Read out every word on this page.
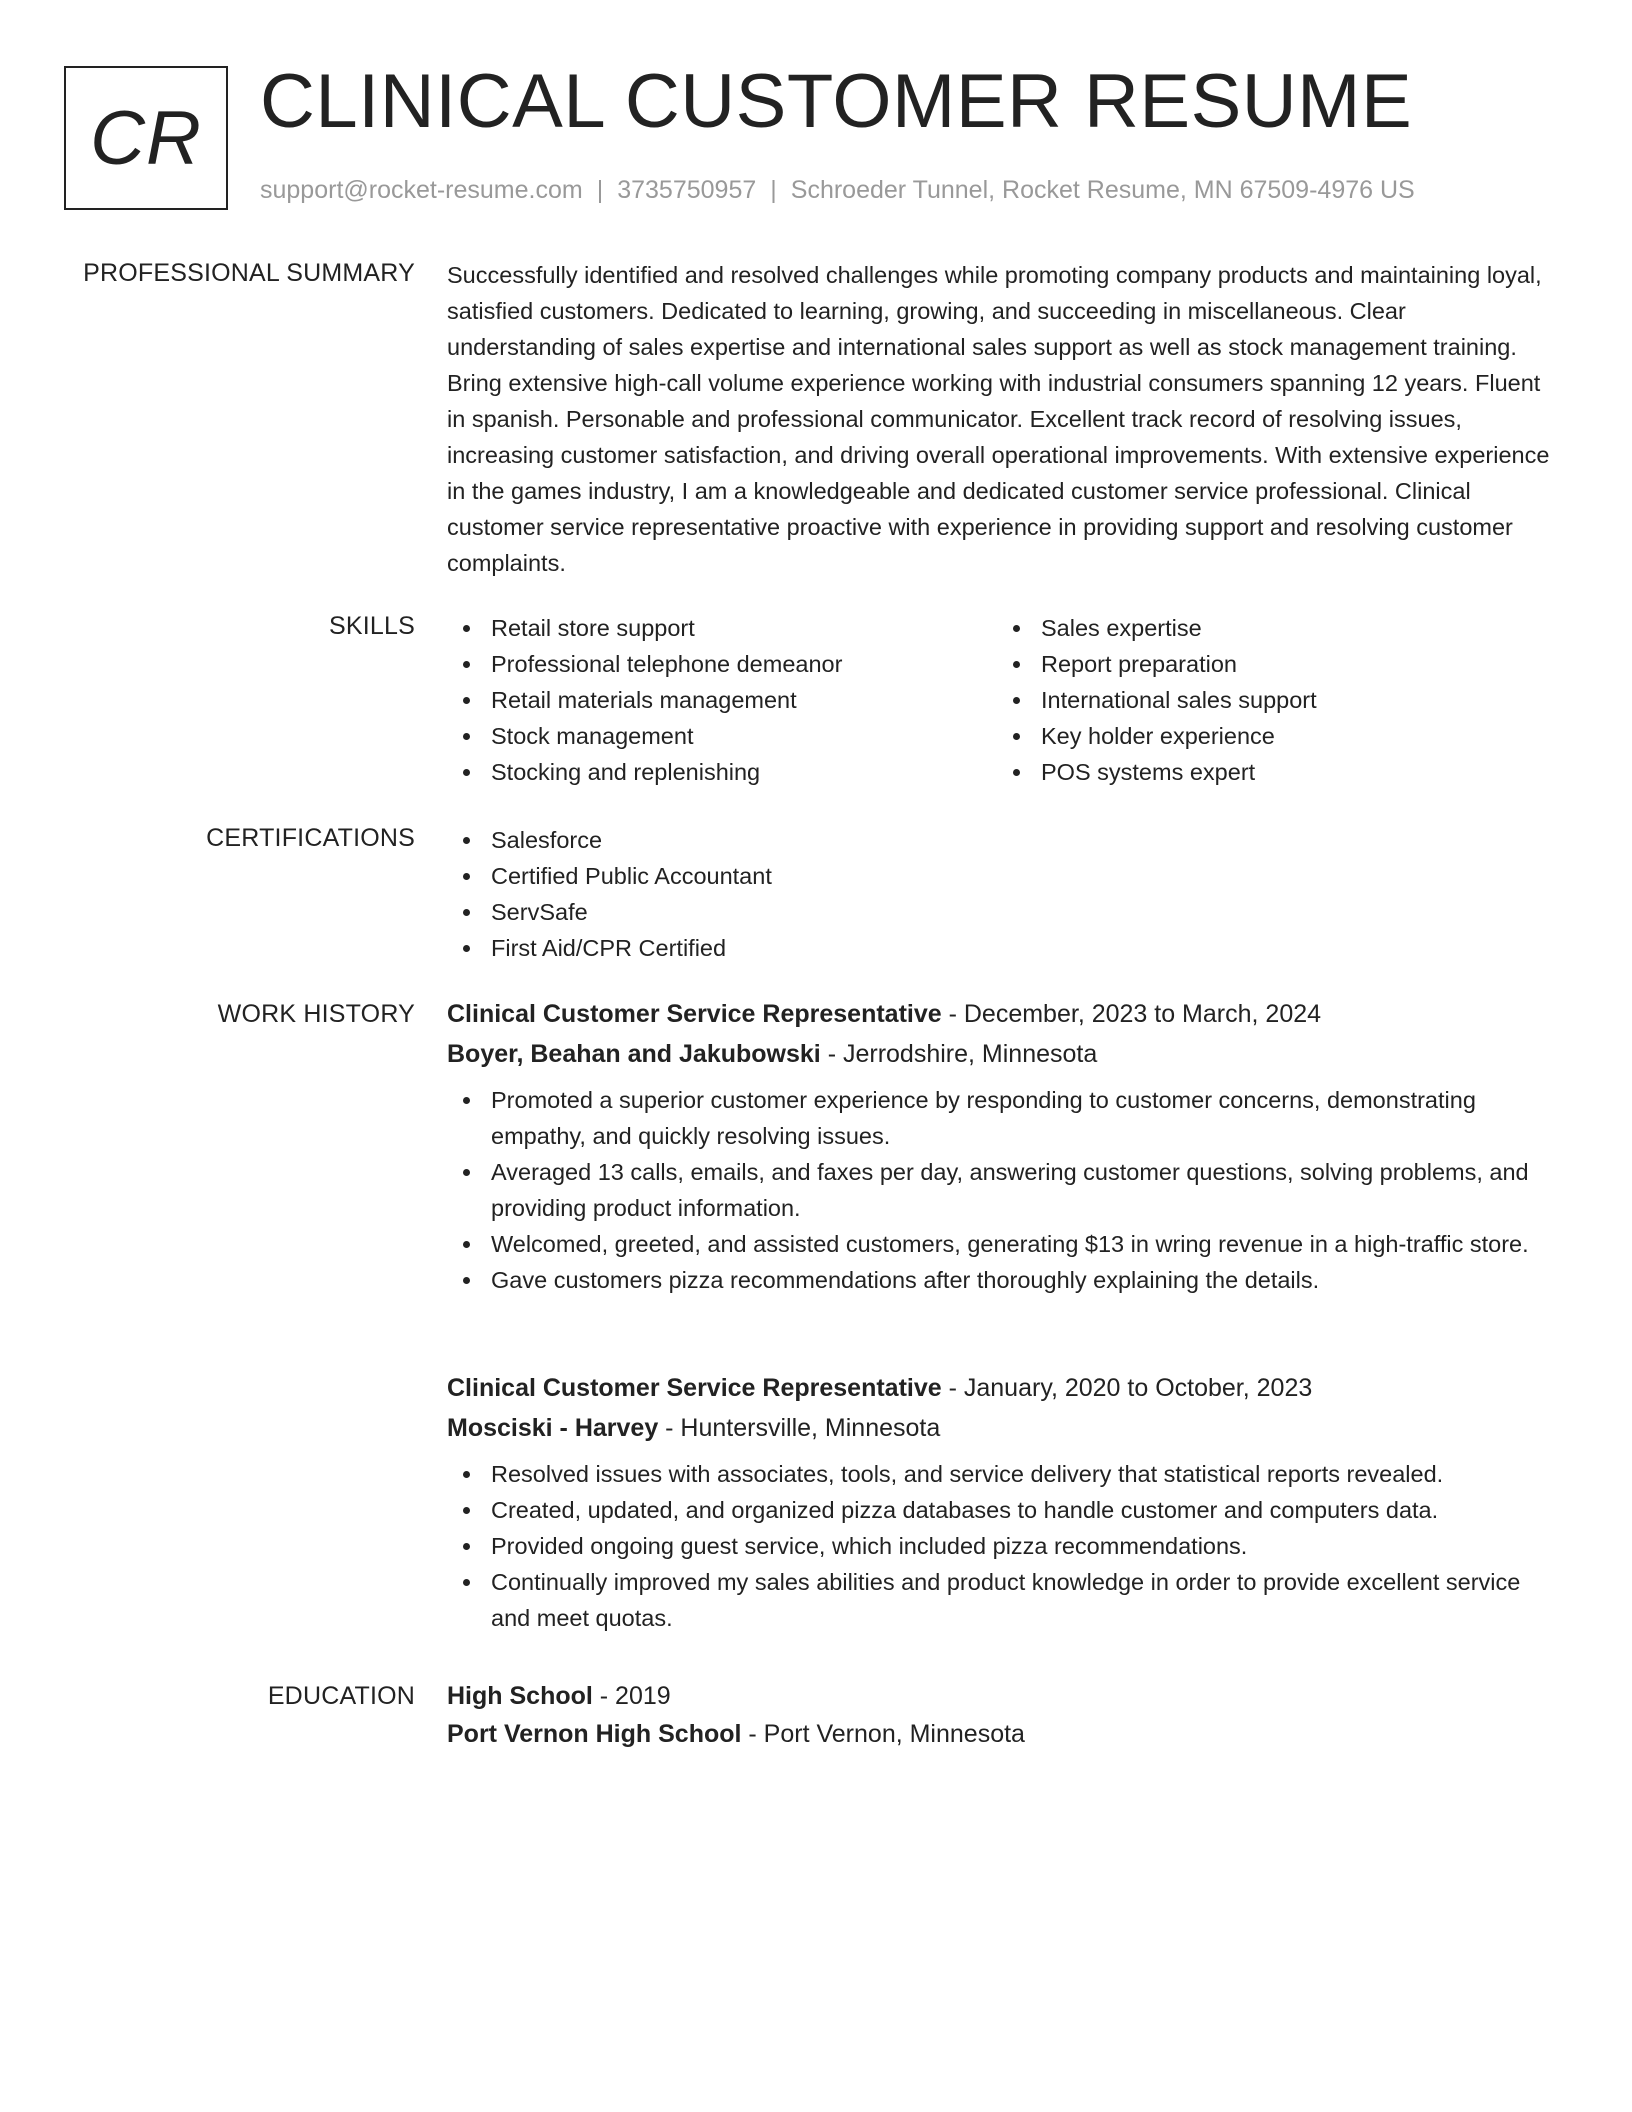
CR CLINICAL CUSTOMER RESUME
support@rocket-resume.com | 3735750957 | Schroeder Tunnel, Rocket Resume, MN 67509-4976 US
PROFESSIONAL SUMMARY Successfully identified and resolved challenges while promoting company products and maintaining loyal, satisfied customers. Dedicated to learning, growing, and succeeding in miscellaneous. Clear understanding of sales expertise and international sales support as well as stock management training. Bring extensive high-call volume experience working with industrial consumers spanning 12 years. Fluent in spanish. Personable and professional communicator. Excellent track record of resolving issues, increasing customer satisfaction, and driving overall operational improvements. With extensive experience in the games industry, I am a knowledgeable and dedicated customer service professional. Clinical customer service representative proactive with experience in providing support and resolving customer complaints.

SKILLS	Retail store support
Professional telephone demeanor
Retail materials management
Stock management
Stocking and replenishing
Sales expertise
Report preparation
International sales support
Key holder experience
POS systems expert
CERTIFICATIONS	Salesforce
Certified Public Accountant
ServSafe
First Aid/CPR Certified
WORK HISTORY Clinical Customer Service Representative - December, 2023 to March, 2024
Boyer, Beahan and Jakubowski - Jerrodshire, Minnesota
Promoted a superior customer experience by responding to customer concerns, demonstrating empathy, and quickly resolving issues.
Averaged 13 calls, emails, and faxes per day, answering customer questions, solving problems, and providing product information.
Welcomed, greeted, and assisted customers, generating $13 in wring revenue in a high-traffic store.
Gave customers pizza recommendations after thoroughly explaining the details.
Clinical Customer Service Representative - January, 2020 to October, 2023
Mosciski - Harvey - Huntersville, Minnesota
Resolved issues with associates, tools, and service delivery that statistical reports revealed.
Created, updated, and organized pizza databases to handle customer and computers data.
Provided ongoing guest service, which included pizza recommendations.
Continually improved my sales abilities and product knowledge in order to provide excellent service and meet quotas.
EDUCATION High School - 2019
Port Vernon High School - Port Vernon, Minnesota
